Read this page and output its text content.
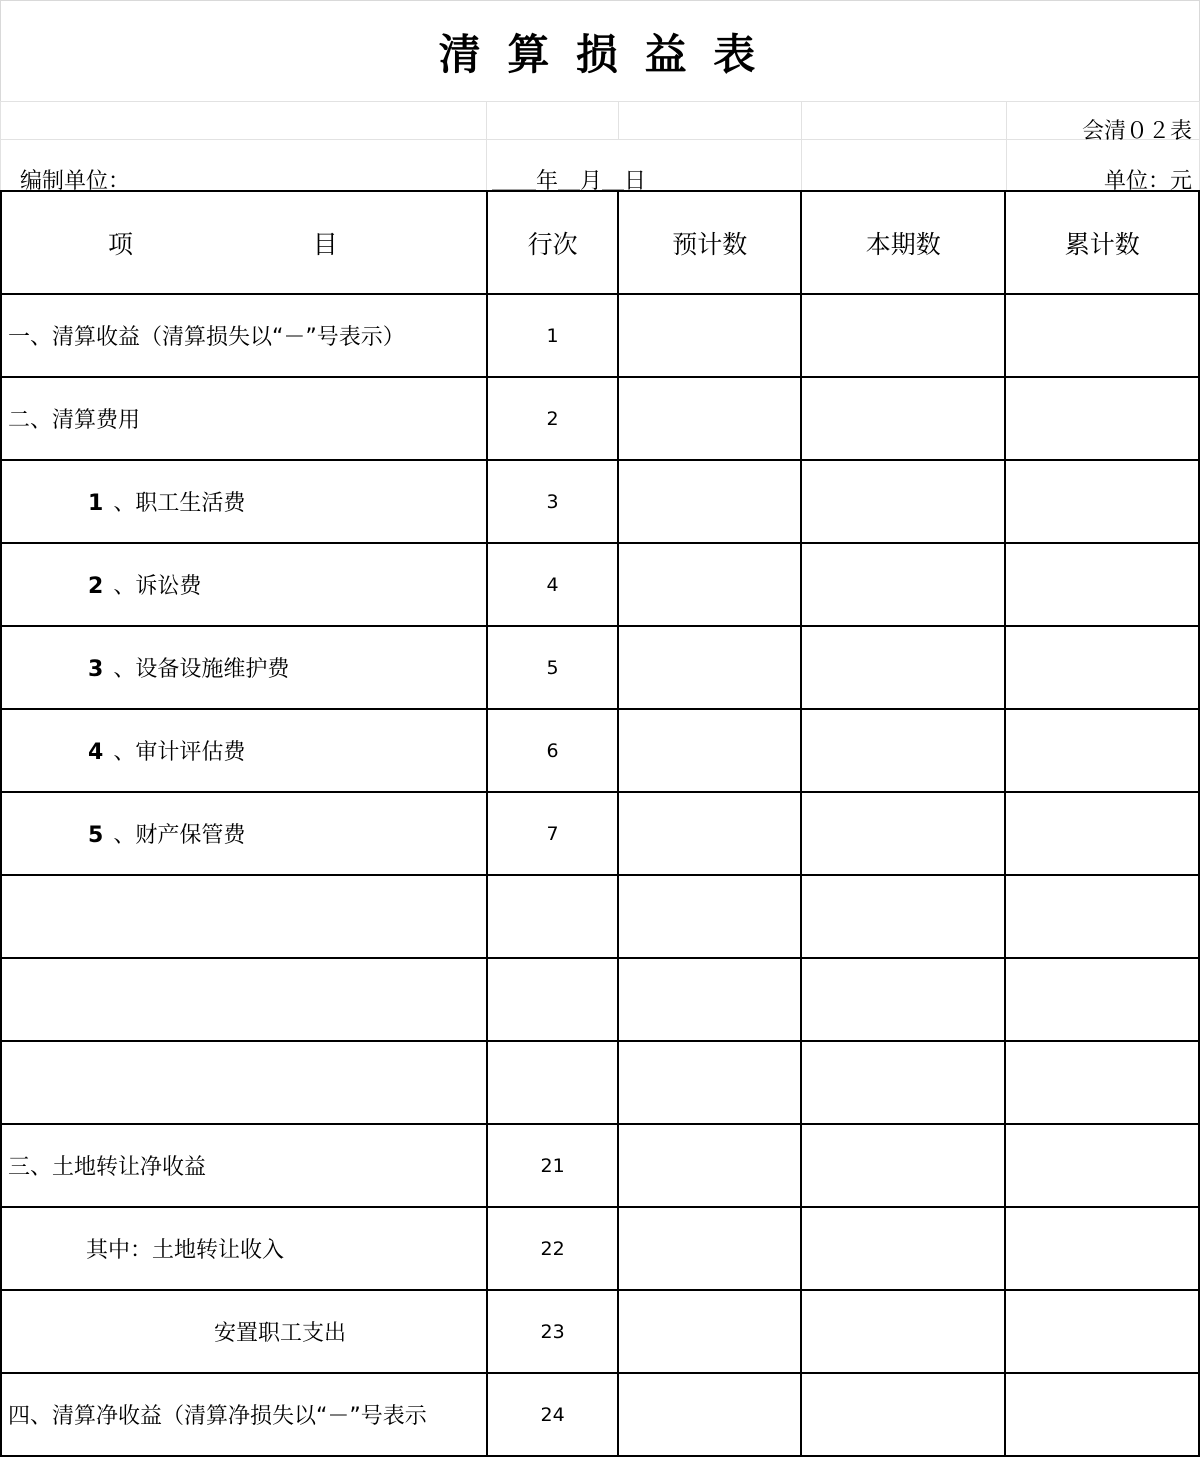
清 算 损 益 表
会清０２表
编制单位：	＿＿年＿月＿日	单位：元
项 目	行次	预计数	本期数	累计数
一、清算收益（清算损失以“－”号表示）	1			
二、清算费用	2			
1 、职工生活费	3			
2 、诉讼费	4			
3 、设备设施维护费	5			
4 、审计评估费	6			
5 、财产保管费	7			

三、土地转让净收益	21			
其中：土地转让收入	22			
安置职工支出	23			
四、清算净收益（清算净损失以“－”号表示	24			
